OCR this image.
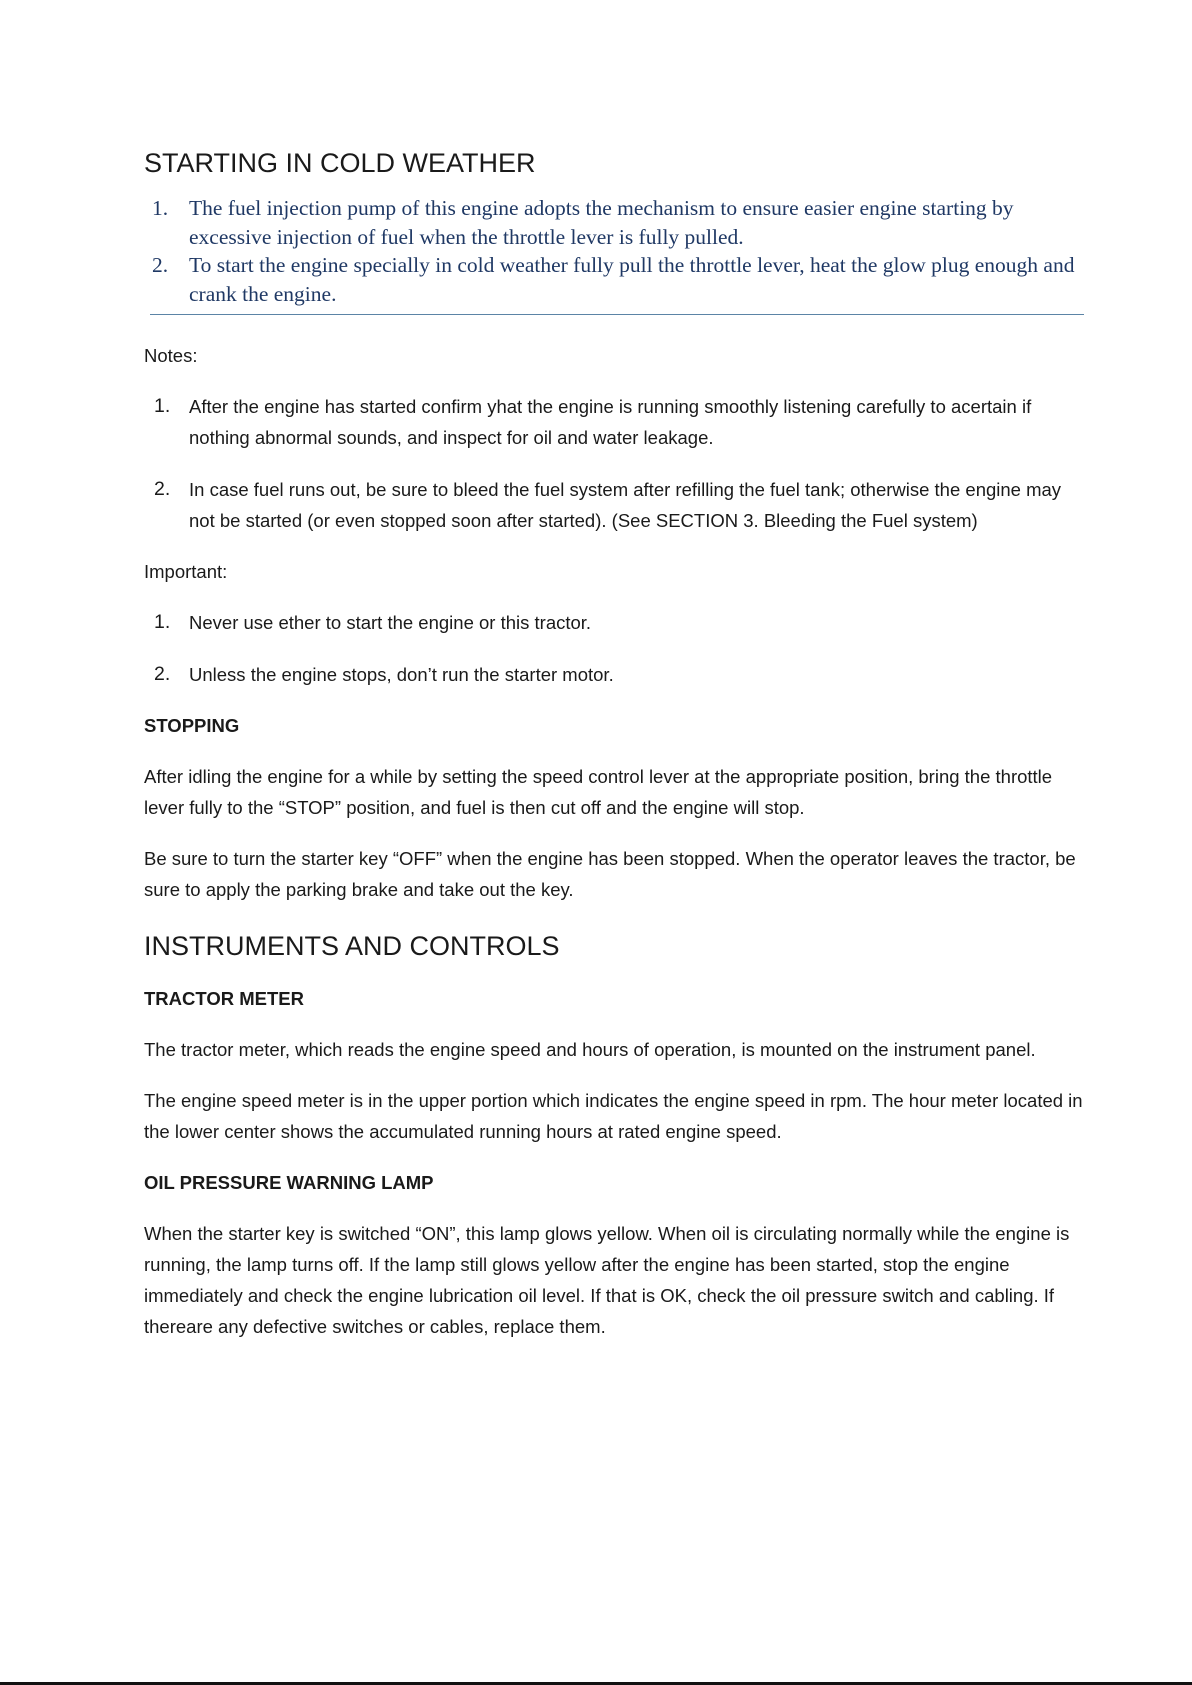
STARTING IN COLD WEATHER
1. The fuel injection pump of this engine adopts the mechanism to ensure easier engine starting by excessive injection of fuel when the throttle lever is fully pulled.
2. To start the engine specially in cold weather fully pull the throttle lever, heat the glow plug enough and crank the engine.

Notes:

1.	After the engine has started confirm yhat the engine is running smoothly listening carefully to acertain if nothing abnormal sounds, and inspect for oil and water leakage.
2.	In case fuel runs out, be sure to bleed the fuel system after refilling the fuel tank; otherwise the engine may not be started (or even stopped soon after started). (See SECTION 3. Bleeding the Fuel system)

Important:

1.	Never use ether to start the engine or this tractor.
2.	Unless the engine stops, don’t run the starter motor.

STOPPING

After idling the engine for a while by setting the speed control lever at the appropriate position, bring the throttle lever fully to the “STOP” position, and fuel is then cut off and the engine will stop.

Be sure to turn the starter key “OFF” when the engine has been stopped. When the operator leaves the tractor, be sure to apply the parking brake and take out the key.

INSTRUMENTS AND CONTROLS

TRACTOR METER

The tractor meter, which reads the engine speed and hours of operation, is mounted on the instrument panel.

The engine speed meter is in the upper portion which indicates the engine speed in rpm. The hour meter located in the lower center shows the accumulated running hours at rated engine speed.

OIL PRESSURE WARNING LAMP

When the starter key is switched “ON”, this lamp glows yellow. When oil is circulating normally while the engine is running, the lamp turns off. If the lamp still glows yellow after the engine has been started, stop the engine immediately and check the engine lubrication oil level. If that is OK, check the oil pressure switch and cabling. If thereare any defective switches or cables, replace them.
